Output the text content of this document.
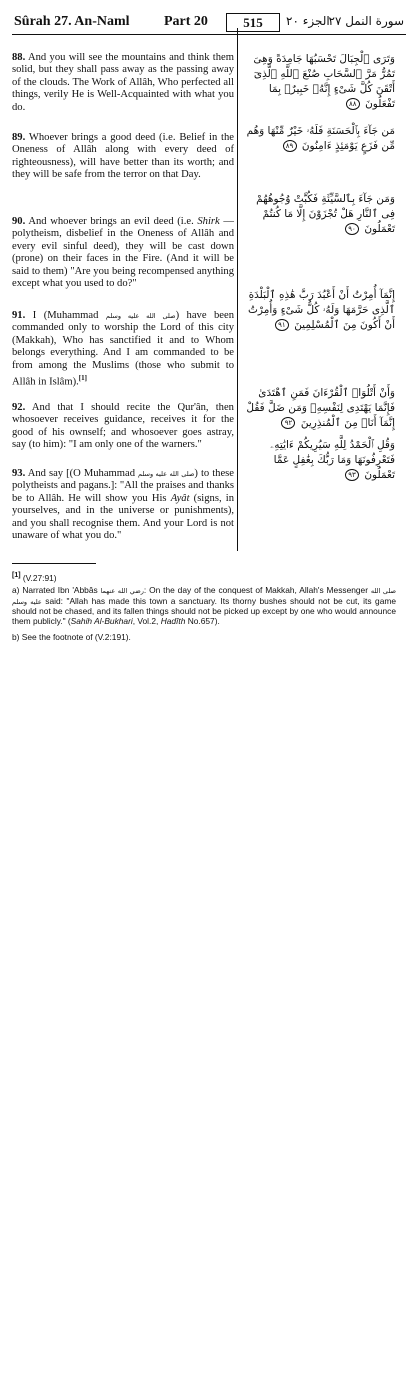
Sûrah 27. An-Naml Part 20	515	الجزء ٢٠
سورة النمل ٢٧
88. And you will see the mountains and think them solid, but they shall pass away as the passing away of the clouds. The Work of Allâh, Who perfected all things, verily He is Well-Acquainted with what you do.
وَتَرَى ٱلْجِبَالَ تَحْسَبُهَا جَامِدَةً وَهِىَ تَمُرُّ مَرَّ ٱلسَّحَابِ صُنْعَ ٱللَّهِ ٱلَّذِىٓ أَتْقَنَ كُلَّ شَىْءٍ إِنَّهُۥ خَبِيرٌۢ بِمَا تَفْعَلُونَ ٨٨
89. Whoever brings a good deed (i.e. Belief in the Oneness of Allâh along with every deed of righteousness), will have better than its worth; and they will be safe from the terror on that Day.
مَن جَآءَ بِٱلْحَسَنَةِ فَلَهُۥ خَيْرٌ مِّنْهَا وَهُم مِّن فَزَعٍ يَوْمَئِذٍ ءَامِنُونَ ٨٩
90. And whoever brings an evil deed (i.e. Shirk — polytheism, disbelief in the Oneness of Allâh and every evil sinful deed), they will be cast down (prone) on their faces in the Fire. (And it will be said to them) "Are you being recompensed anything except what you used to do?"
وَمَن جَآءَ بِٱلسَّيِّئَةِ فَكُبَّتْ وُجُوهُهُمْ فِى ٱلنَّارِ هَلْ تُجْزَوْنَ إِلَّا مَا كُنتُمْ تَعْمَلُونَ ٩٠
91. I (Muhammad صلى الله عليه وسلم) have been commanded only to worship the Lord of this city (Makkah), Who has sanctified it and to Whom belongs everything. And I am commanded to be from among the Muslims (those who submit to Allâh in Islâm).[1]
إِنَّمَآ أُمِرْتُ أَنْ أَعْبُدَ رَبَّ هَٰذِهِ ٱلْبَلْدَةِ ٱلَّذِى حَرَّمَهَا وَلَهُۥ كُلُّ شَىْءٍ وَأُمِرْتُ أَنْ أَكُونَ مِنَ ٱلْمُسْلِمِينَ ٩١
92. And that I should recite the Qur'ân, then whosoever receives guidance, receives it for the good of his ownself; and whosoever goes astray, say (to him): "I am only one of the warners."
وَأَنْ أَتْلُوَا۟ ٱلْقُرْءَانَ فَمَنِ ٱهْتَدَىٰ فَإِنَّمَا يَهْتَدِى لِنَفْسِهِۦ وَمَن ضَلَّ فَقُلْ إِنَّمَآ أَنَا۠ مِنَ ٱلْمُنذِرِينَ ٩٢
93. And say [(O Muhammad صلى الله عليه وسلم) to these polytheists and pagans.]: "All the praises and thanks be to Allâh. He will show you His Ayât (signs, in yourselves, and in the universe or punishments), and you shall recognise them. And your Lord is not unaware of what you do."
وَقُلِ ٱلْحَمْدُ لِلَّهِ سَيُرِيكُمْ ءَايَٰتِهِۦ فَتَعْرِفُونَهَا وَمَا رَبُّكَ بِغَٰفِلٍ عَمَّا تَعْمَلُونَ ٩٣
[1] (V.27:91)
a) Narrated Ibn 'Abbâs رضي الله عنهما: On the day of the conquest of Makkah, Allah's Messenger صلى الله عليه وسلم said: "Allah has made this town a sanctuary. Its thorny bushes should not be cut, its game should not be chased, and its fallen things should not be picked up except by one who would announce them publicly." (Sahih Al-Bukhari, Vol.2, Hadîth No.657).
b) See the footnote of (V.2:191).
